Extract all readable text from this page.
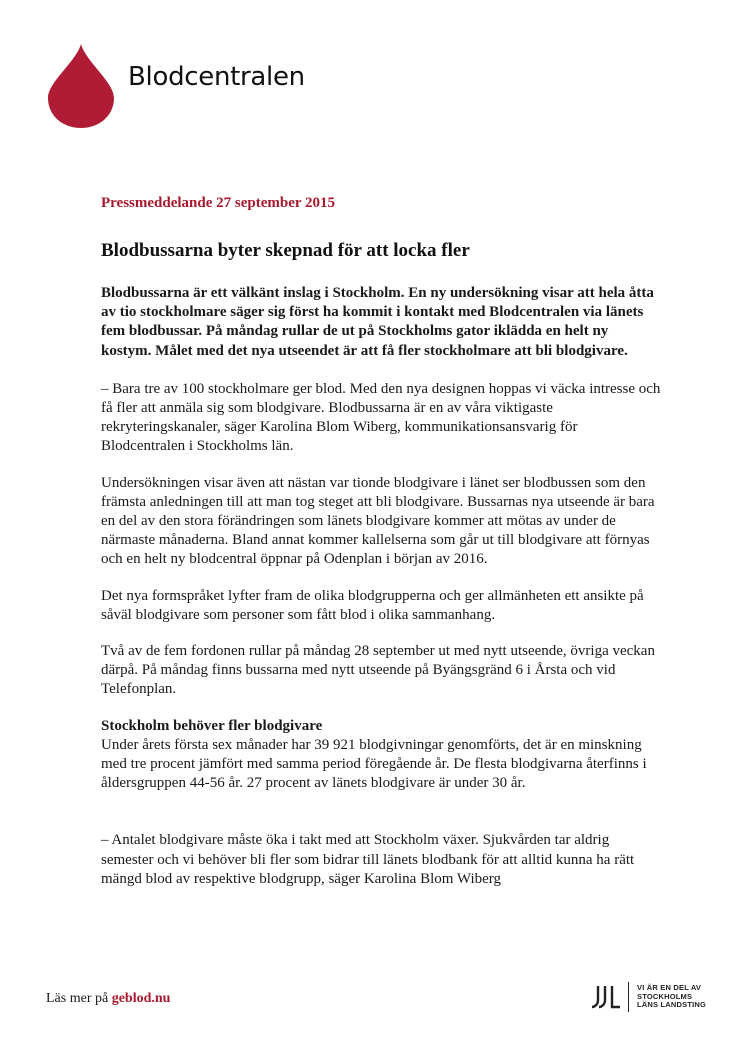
Blodcentralen
Pressmeddelande 27 september 2015
Blodbussarna byter skepnad för att locka fler

Blodbussarna är ett välkänt inslag i Stockholm. En ny undersökning visar att hela åtta av tio stockholmare säger sig först ha kommit i kontakt med Blodcentralen via länets fem blodbussar. På måndag rullar de ut på Stockholms gator iklädda en helt ny kostym. Målet med det nya utseendet är att få fler stockholmare att bli blodgivare.

– Bara tre av 100 stockholmare ger blod. Med den nya designen hoppas vi väcka intresse och få fler att anmäla sig som blodgivare. Blodbussarna är en av våra viktigaste rekryteringskanaler, säger Karolina Blom Wiberg, kommunikationsansvarig för Blodcentralen i Stockholms län.

Undersökningen visar även att nästan var tionde blodgivare i länet ser blodbussen som den främsta anledningen till att man tog steget att bli blodgivare. Bussarnas nya utseende är bara en del av den stora förändringen som länets blodgivare kommer att mötas av under de närmaste månaderna. Bland annat kommer kallelserna som går ut till blodgivare att förnyas och en helt ny blodcentral öppnar på Odenplan i början av 2016.

Det nya formspråket lyfter fram de olika blodgrupperna och ger allmänheten ett ansikte på såväl blodgivare som personer som fått blod i olika sammanhang.

Två av de fem fordonen rullar på måndag 28 september ut med nytt utseende, övriga veckan därpå. På måndag finns bussarna med nytt utseende på Byängsgränd 6 i Årsta och vid Telefonplan.

Stockholm behöver fler blodgivare

Under årets första sex månader har 39 921 blodgivningar genomförts, det är en minskning med tre procent jämfört med samma period föregående år. De flesta blodgivarna återfinns i åldersgruppen 44-56 år. 27 procent av länets blodgivare är under 30 år.

– Antalet blodgivare måste öka i takt med att Stockholm växer. Sjukvården tar aldrig semester och vi behöver bli fler som bidrar till länets blodbank för att alltid kunna ha rätt mängd blod av respektive blodgrupp, säger Karolina Blom Wiberg

Läs mer på geblod.nu
VI ÄR EN DEL AV
STOCKHOLMS
LÄNS LANDSTING
